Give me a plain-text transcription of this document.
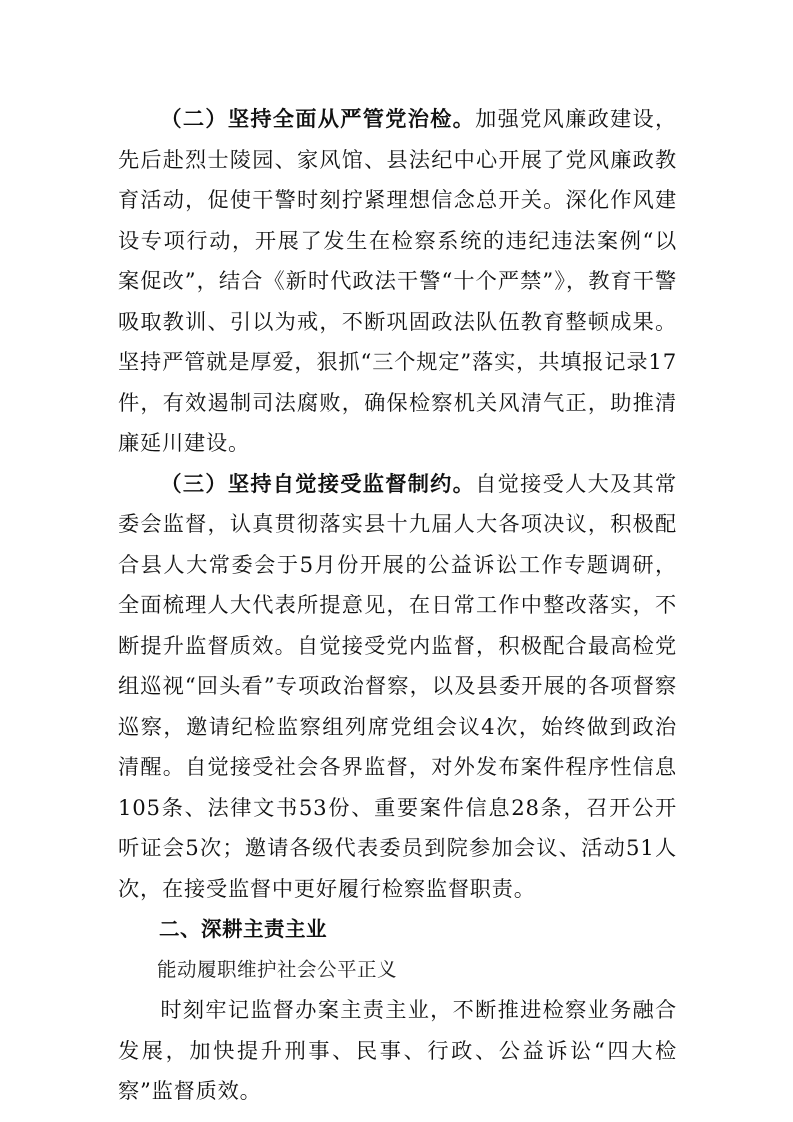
（二）坚持全面从严管党治检。加强党风廉政建设，先后赴烈士陵园、家风馆、县法纪中心开展了党风廉政教育活动，促使干警时刻拧紧理想信念总开关。深化作风建设专项行动，开展了发生在检察系统的违纪违法案例“以案促改”，结合《新时代政法干警“十个严禁”》，教育干警吸取教训、引以为戒，不断巩固政法队伍教育整顿成果。坚持严管就是厚爱，狠抓“三个规定”落实，共填报记录17件，有效遏制司法腐败，确保检察机关风清气正，助推清廉延川建设。

（三）坚持自觉接受监督制约。自觉接受人大及其常委会监督，认真贯彻落实县十九届人大各项决议，积极配合县人大常委会于5月份开展的公益诉讼工作专题调研，全面梳理人大代表所提意见，在日常工作中整改落实，不断提升监督质效。自觉接受党内监督，积极配合最高检党组巡视“回头看”专项政治督察，以及县委开展的各项督察巡察，邀请纪检监察组列席党组会议4次，始终做到政治清醒。自觉接受社会各界监督，对外发布案件程序性信息105条、法律文书53份、重要案件信息28条，召开公开听证会5次；邀请各级代表委员到院参加会议、活动51人次，在接受监督中更好履行检察监督职责。

二、深耕主责主业

能动履职维护社会公平正义

时刻牢记监督办案主责主业，不断推进检察业务融合发展，加快提升刑事、民事、行政、公益诉讼“四大检察”监督质效。
